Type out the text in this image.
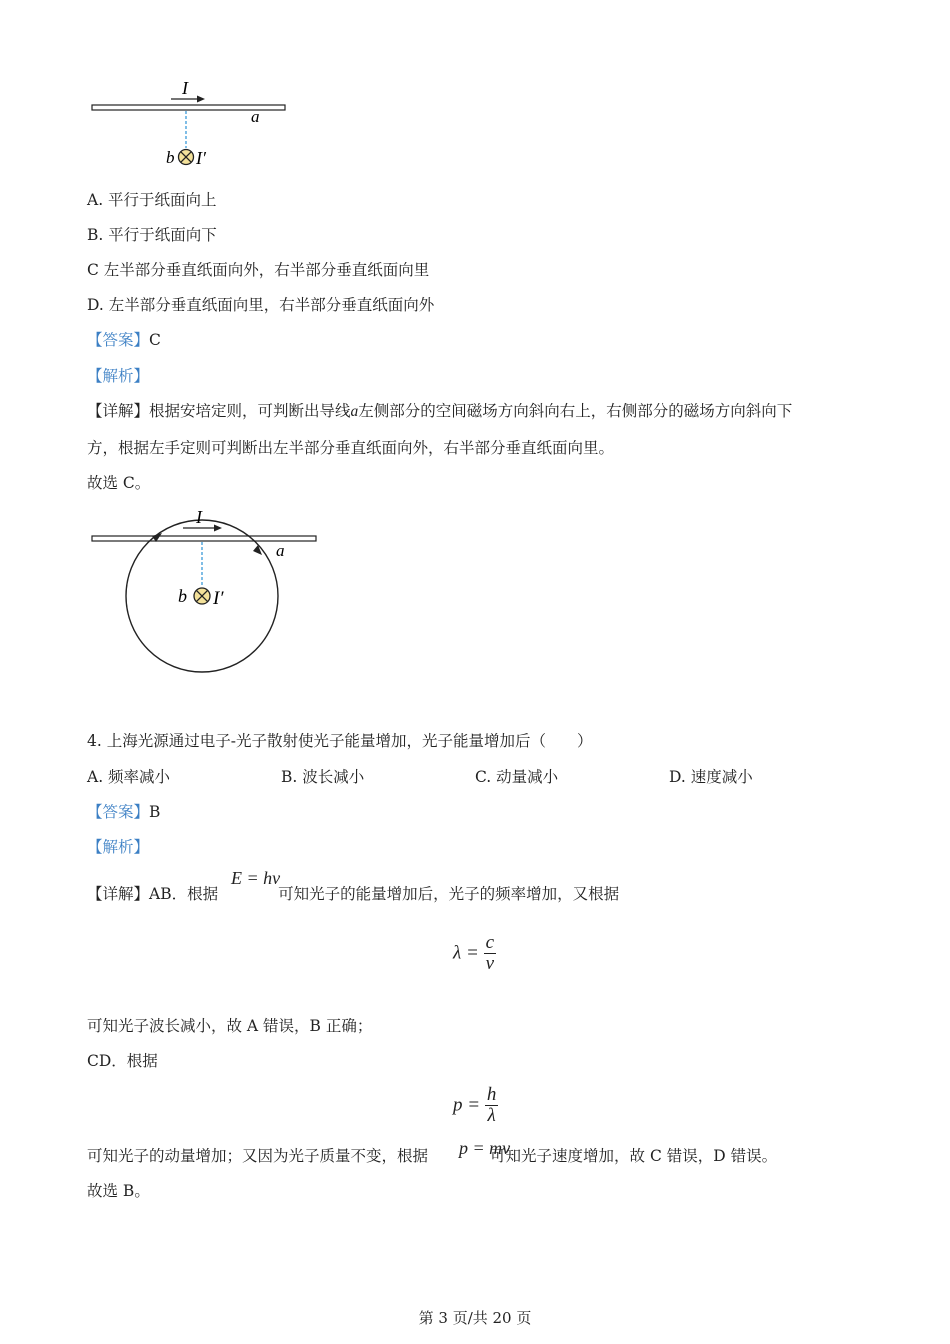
I
a
b I′
A. 平行于纸面向上
B. 平行于纸面向下
C 左半部分垂直纸面向外，右半部分垂直纸面向里
D. 左半部分垂直纸面向里，右半部分垂直纸面向外
【答案】C
【解析】
【详解】根据安培定则，可判断出导线a左侧部分的空间磁场方向斜向右上，右侧部分的磁场方向斜向下
方，根据左手定则可判断出左半部分垂直纸面向外，右半部分垂直纸面向里。
故选 C。
I
a
b I′
4. 上海光源通过电子-光子散射使光子能量增加，光子能量增加后（　　）
A. 频率减小	B. 波长减小	C. 动量减小	D. 速度减小
【答案】B
【解析】
【详解】AB．根据	可知光子的能量增加后，光子的频率增加，又根据
E = hν
$\lambda = \frac{c}{\nu}$
可知光子波长减小，故 A 错误，B 正确；
CD．根据
$p = \frac{h}{\lambda}$
可知光子的动量增加；又因为光子质量不变，根据	可知光子速度增加，故 C 错误，D 错误。
p = mv
故选 B。
第 3 页/共 20 页
